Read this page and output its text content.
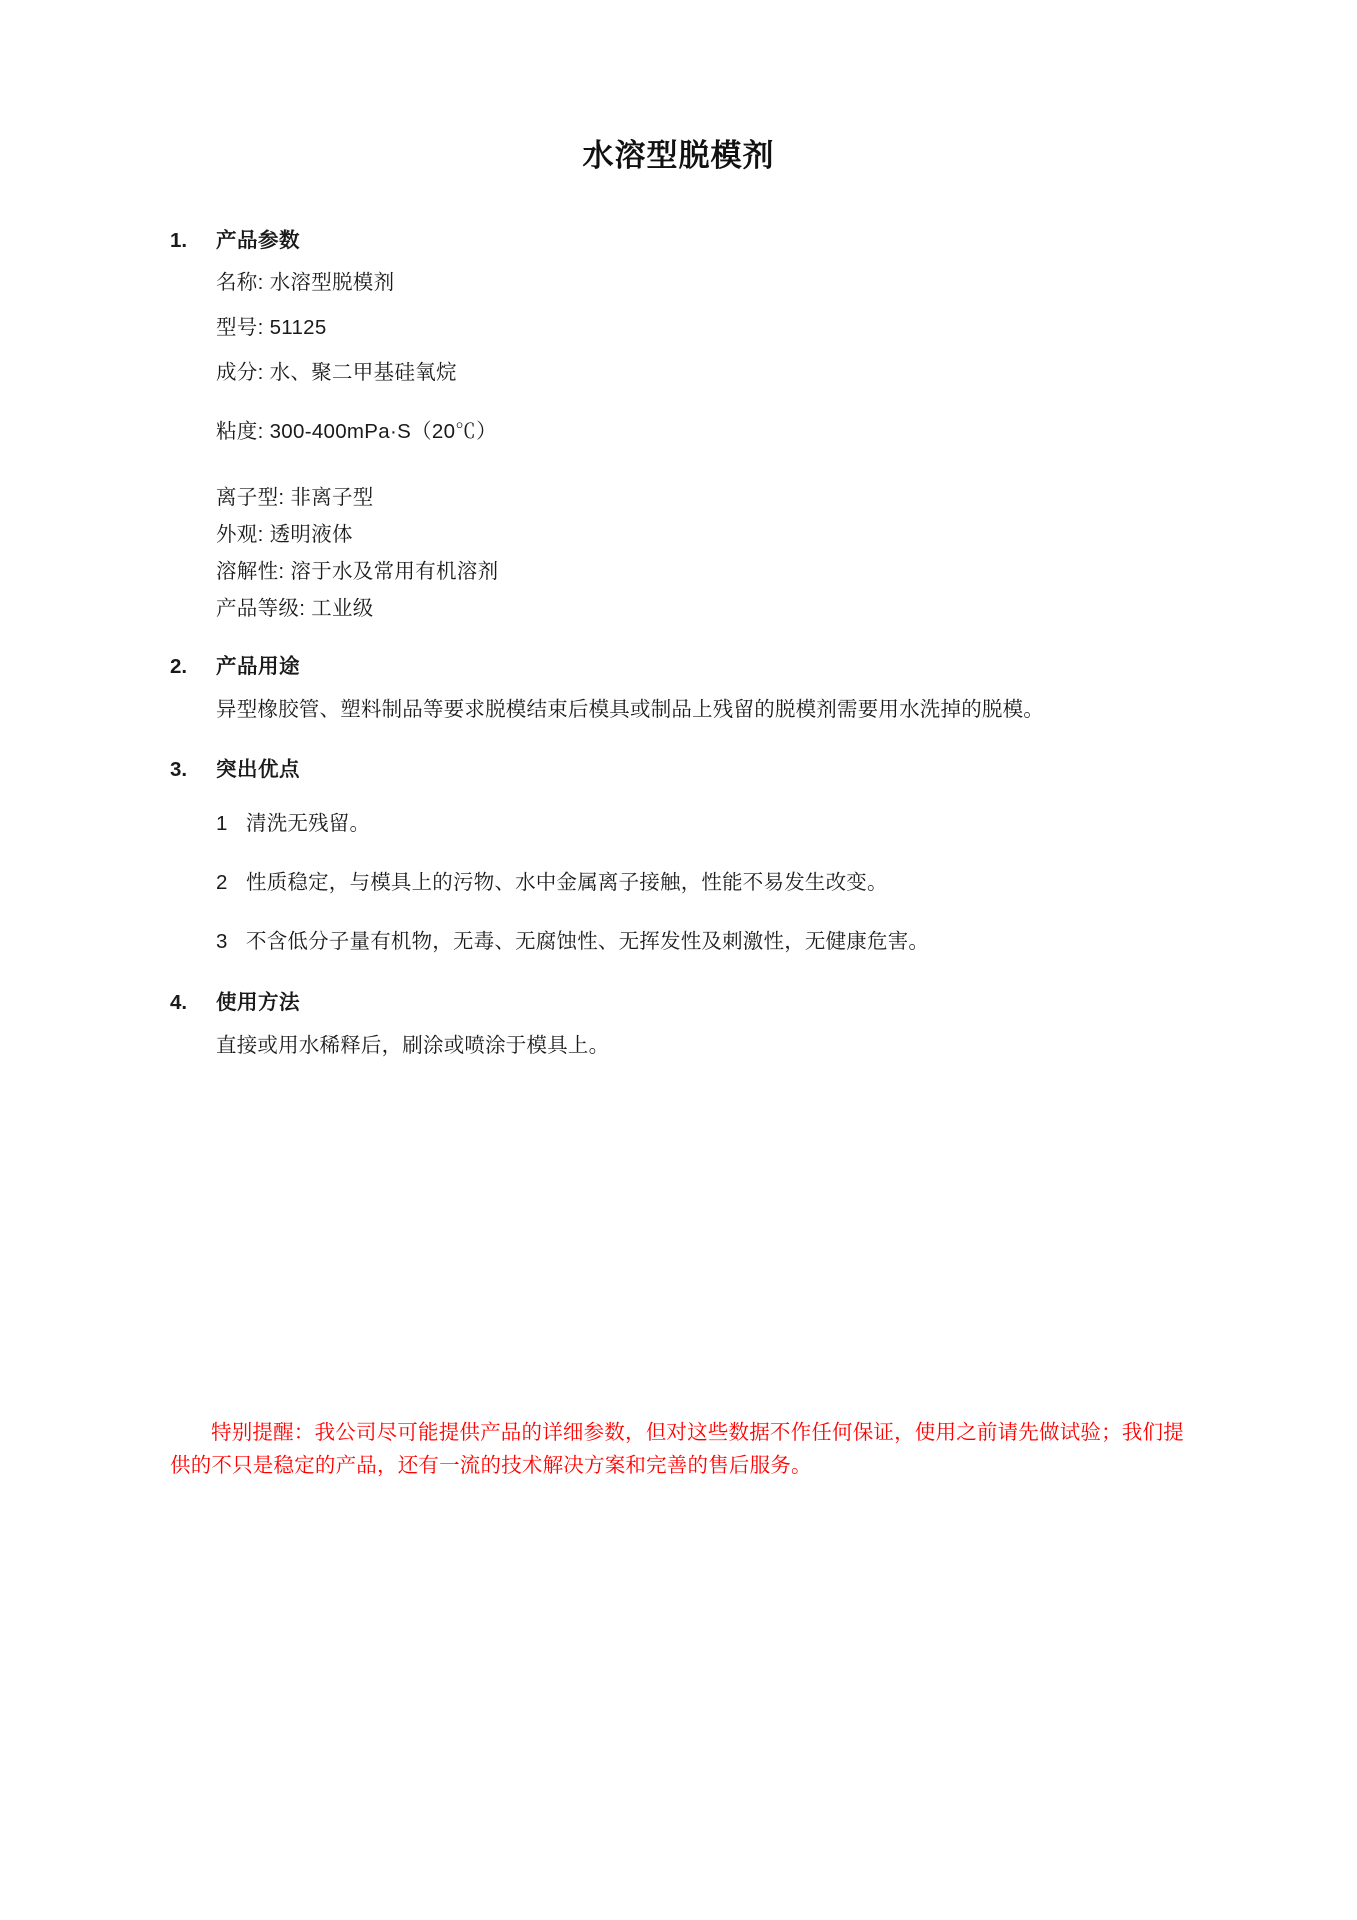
水溶型脱模剂
1.	产品参数

名称: 水溶型脱模剂

型号: 51125

成分: 水、聚二甲基硅氧烷

粘度: 300-400mPa·S（20℃）

离子型: 非离子型

外观: 透明液体

溶解性: 溶于水及常用有机溶剂

产品等级: 工业级

2.	产品用途

异型橡胶管、塑料制品等要求脱模结束后模具或制品上残留的脱模剂需要用水洗掉的脱模。

3.	突出优点
1 清洗无残留。
2 性质稳定，与模具上的污物、水中金属离子接触，性能不易发生改变。
3 不含低分子量有机物，无毒、无腐蚀性、无挥发性及刺激性，无健康危害。
4.	使用方法

直接或用水稀释后，刷涂或喷涂于模具上。

特别提醒：我公司尽可能提供产品的详细参数，但对这些数据不作任何保证，使用之前请先做试验；我们提供的不只是稳定的产品，还有一流的技术解决方案和完善的售后服务。
